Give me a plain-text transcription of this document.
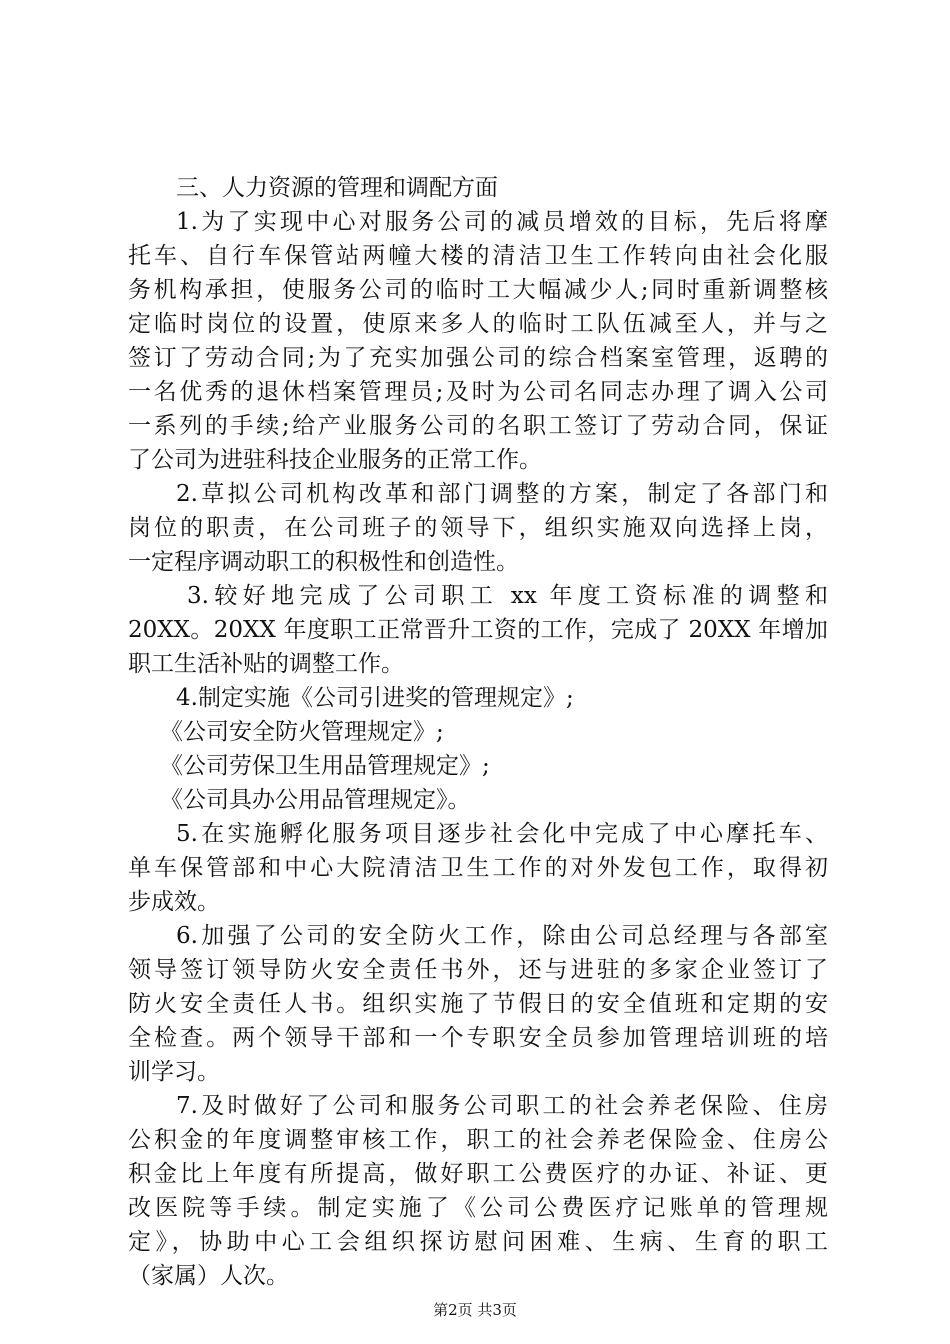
三、人力资源的管理和调配方面
1.为了实现中心对服务公司的减员增效的目标，先后将摩
托车、自行车保管站两幢大楼的清洁卫生工作转向由社会化服
务机构承担，使服务公司的临时工大幅减少人;同时重新调整核
定临时岗位的设置，使原来多人的临时工队伍减至人，并与之
签订了劳动合同;为了充实加强公司的综合档案室管理，返聘的
一名优秀的退休档案管理员;及时为公司名同志办理了调入公司
一系列的手续;给产业服务公司的名职工签订了劳动合同，保证
了公司为进驻科技企业服务的正常工作。
2.草拟公司机构改革和部门调整的方案，制定了各部门和
岗位的职责，在公司班子的领导下，组织实施双向选择上岗，
一定程序调动职工的积极性和创造性。
3.较好地完成了公司职工 xx 年度工资标准的调整和
20XX。20XX 年度职工正常晋升工资的工作，完成了 20XX 年增加
职工生活补贴的调整工作。
4.制定实施《公司引进奖的管理规定》;
《公司安全防火管理规定》;
《公司劳保卫生用品管理规定》;
《公司具办公用品管理规定》。
5.在实施孵化服务项目逐步社会化中完成了中心摩托车、
单车保管部和中心大院清洁卫生工作的对外发包工作，取得初
步成效。
6.加强了公司的安全防火工作，除由公司总经理与各部室
领导签订领导防火安全责任书外，还与进驻的多家企业签订了
防火安全责任人书。组织实施了节假日的安全值班和定期的安
全检查。两个领导干部和一个专职安全员参加管理培训班的培
训学习。
7.及时做好了公司和服务公司职工的社会养老保险、住房
公积金的年度调整审核工作，职工的社会养老保险金、住房公
积金比上年度有所提高，做好职工公费医疗的办证、补证、更
改医院等手续。制定实施了《公司公费医疗记账单的管理规
定》，协助中心工会组织探访慰问困难、生病、生育的职工
（家属）人次。
第2页 共3页
